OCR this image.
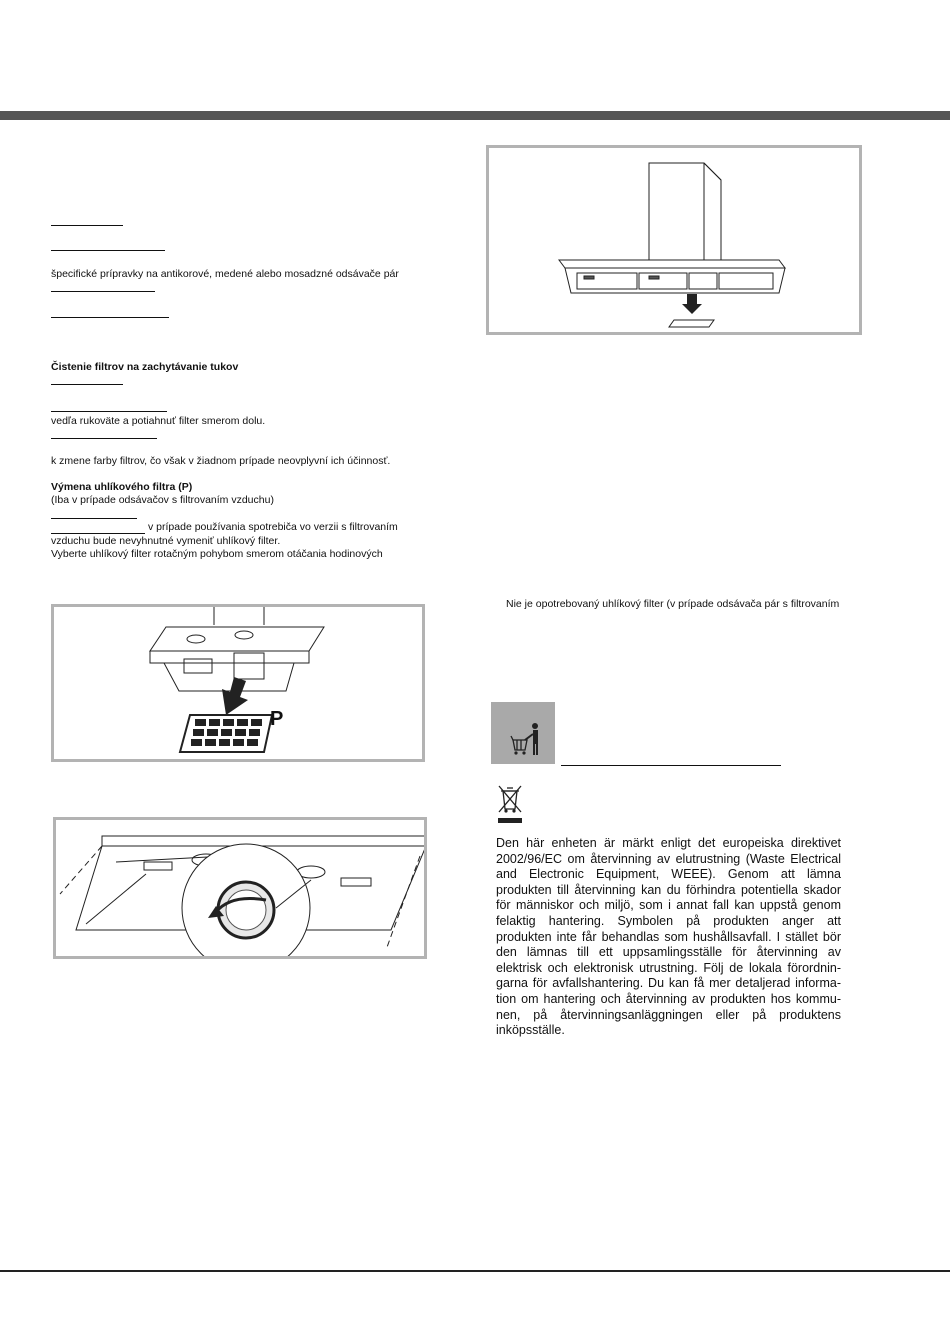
špecifické prípravky na antikorové, medené alebo mosadzné odsávače pár
Čistenie filtrov na zachytávanie tukov
vedľa rukoväte a potiahnuť filter smerom dolu.
k zmene farby filtrov, čo však v žiadnom prípade neovplyvní ich účinnosť.
Výmena uhlíkového filtra (P)
(Iba v prípade odsávačov s filtrovaním vzduchu)
v prípade používania spotrebiča vo verzii s filtrovaním
vzduchu bude nevyhnutné vymeniť uhlíkový filter.
Vyberte uhlíkový filter rotačným pohybom smerom otáčania hodinových
P
Nie je opotrebovaný uhlíkový filter (v prípade odsávača pár s filtrovaním
Den här enheten är märkt enligt det europeiska direktivet 2002/96/EC om återvinning av elutrustning (Waste Electrical and Electronic Equipment, WEEE). Genom att lämna produkten till återvinning kan du förhindra potentiella skador för människor och miljö, som i annat fall kan uppstå genom felaktig hantering. Symbolen på produkten anger att produkten inte får behandlas som hushållsavfall. I stället bör den lämnas till ett uppsamlingsställe för återvinning av elektrisk och elektronisk utrustning. Följ de lokala förordnin-garna för avfallshantering. Du kan få mer detaljerad informa-tion om hantering och återvinning av produkten hos kommu-nen, på återvinningsanläggningen eller på produktens inköpsställe.
